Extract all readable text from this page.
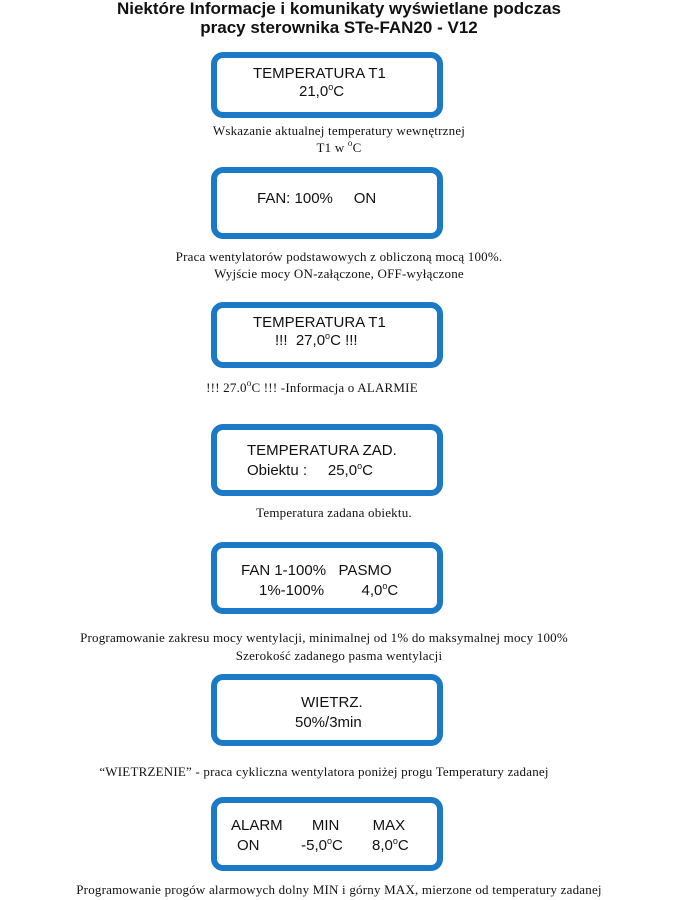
Niektóre Informacje i komunikaty wyświetlane podczas
pracy sterownika STe-FAN20 - V12
TEMPERATURA T1
21,0$^o$C
Wskazanie aktualnej temperatury wewnętrznej
T1 w $^o$C
FAN: 100%     ON
Praca wentylatorów podstawowych z obliczoną mocą 100%.
Wyjście mocy ON-załączone, OFF-wyłączone
TEMPERATURA T1
!!!  27,0$^o$C !!!
!!! 27.0$^o$C !!! -Informacja o ALARMIE
TEMPERATURA ZAD.
Obiektu :     25,0$^o$C
Temperatura zadana obiektu.
FAN 1-100%   PASMO
1%-100%         4,0$^o$C
Programowanie zakresu mocy wentylacji, minimalnej od 1% do maksymalnej mocy 100%
Szerokość zadanego pasma wentylacji
WIETRZ.
50%/3min
“WIETRZENIE” - praca cykliczna wentylatora poniżej progu Temperatury zadanej
ALARM       MIN        MAX
ON          -5,0$^o$C       8,0$^o$C
Programowanie progów alarmowych dolny MIN i górny MAX, mierzone od temperatury zadanej
